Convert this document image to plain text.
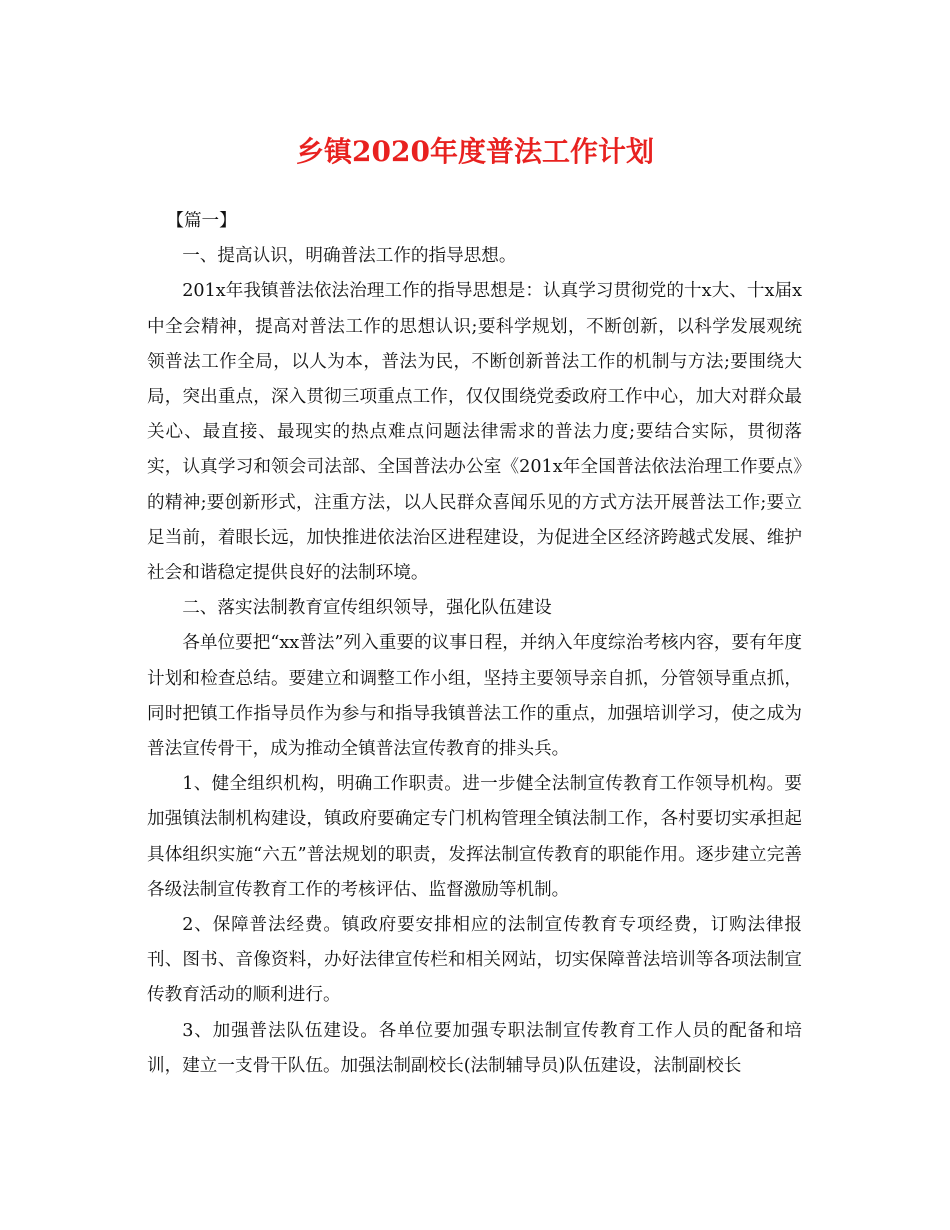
乡镇2020年度普法工作计划

【篇一】

一、提高认识，明确普法工作的指导思想。

201x年我镇普法依法治理工作的指导思想是：认真学习贯彻党的十x大、十x届x中全会精神，提高对普法工作的思想认识;要科学规划，不断创新，以科学发展观统领普法工作全局，以人为本，普法为民，不断创新普法工作的机制与方法;要围绕大局，突出重点，深入贯彻三项重点工作，仅仅围绕党委政府工作中心，加大对群众最关心、最直接、最现实的热点难点问题法律需求的普法力度;要结合实际，贯彻落实，认真学习和领会司法部、全国普法办公室《201x年全国普法依法治理工作要点》的精神;要创新形式，注重方法，以人民群众喜闻乐见的方式方法开展普法工作;要立足当前，着眼长远，加快推进依法治区进程建设，为促进全区经济跨越式发展、维护社会和谐稳定提供良好的法制环境。

二、落实法制教育宣传组织领导，强化队伍建设

各单位要把“xx普法”列入重要的议事日程，并纳入年度综治考核内容，要有年度计划和检查总结。要建立和调整工作小组，坚持主要领导亲自抓，分管领导重点抓，同时把镇工作指导员作为参与和指导我镇普法工作的重点，加强培训学习，使之成为普法宣传骨干，成为推动全镇普法宣传教育的排头兵。

1、健全组织机构，明确工作职责。进一步健全法制宣传教育工作领导机构。要加强镇法制机构建设，镇政府要确定专门机构管理全镇法制工作，各村要切实承担起具体组织实施“六五”普法规划的职责，发挥法制宣传教育的职能作用。逐步建立完善各级法制宣传教育工作的考核评估、监督激励等机制。

2、保障普法经费。镇政府要安排相应的法制宣传教育专项经费，订购法律报刊、图书、音像资料，办好法律宣传栏和相关网站，切实保障普法培训等各项法制宣传教育活动的顺利进行。

3、加强普法队伍建设。各单位要加强专职法制宣传教育工作人员的配备和培训，建立一支骨干队伍。加强法制副校长(法制辅导员)队伍建设，法制副校长
